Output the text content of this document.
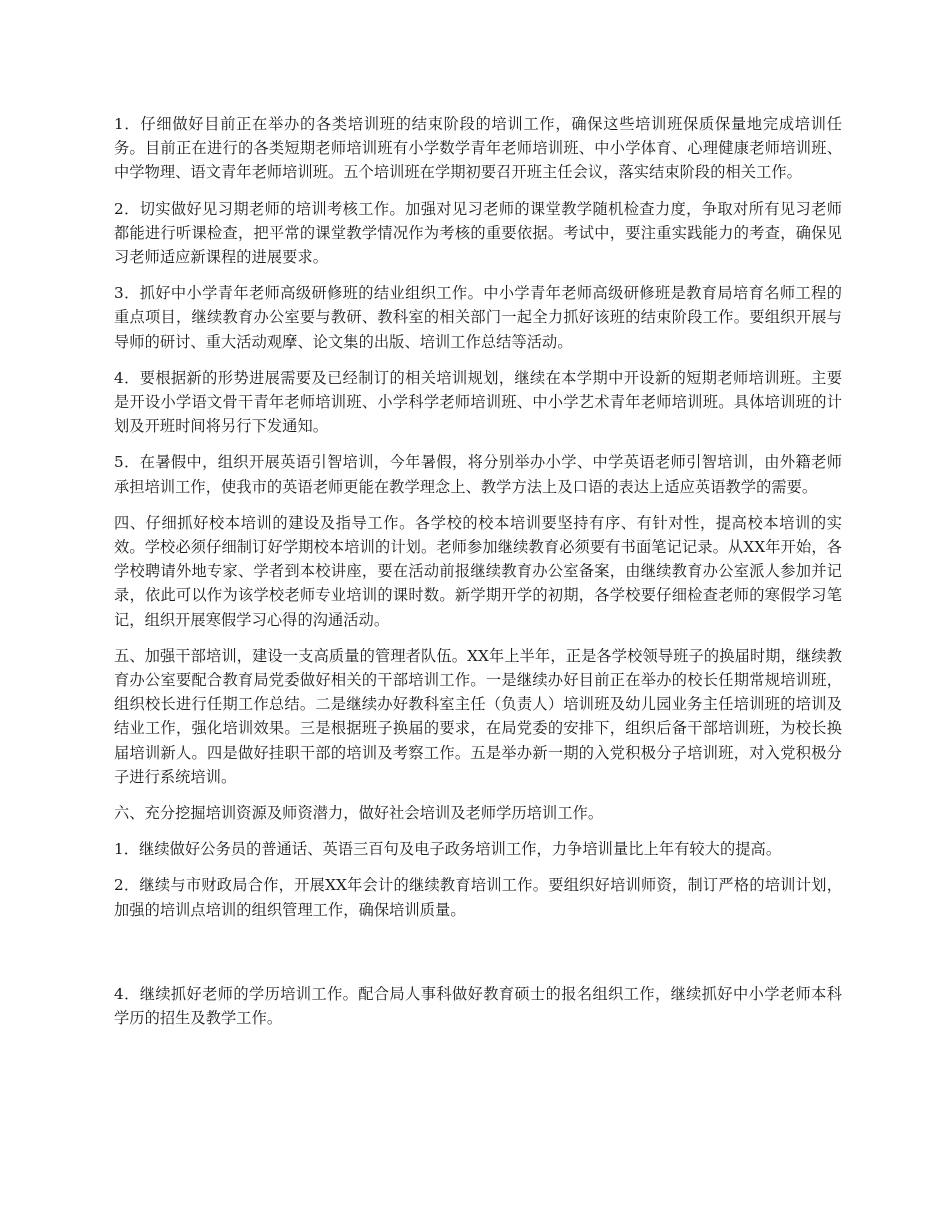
1．仔细做好目前正在举办的各类培训班的结束阶段的培训工作，确保这些培训班保质保量地完成培训任务。目前正在进行的各类短期老师培训班有小学数学青年老师培训班、中小学体育、心理健康老师培训班、中学物理、语文青年老师培训班。五个培训班在学期初要召开班主任会议，落实结束阶段的相关工作。

2．切实做好见习期老师的培训考核工作。加强对见习老师的课堂教学随机检查力度，争取对所有见习老师都能进行听课检查，把平常的课堂教学情况作为考核的重要依据。考试中，要注重实践能力的考查，确保见习老师适应新课程的进展要求。

3．抓好中小学青年老师高级研修班的结业组织工作。中小学青年老师高级研修班是教育局培育名师工程的重点项目，继续教育办公室要与教研、教科室的相关部门一起全力抓好该班的结束阶段工作。要组织开展与导师的研讨、重大活动观摩、论文集的出版、培训工作总结等活动。

4．要根据新的形势进展需要及已经制订的相关培训规划，继续在本学期中开设新的短期老师培训班。主要是开设小学语文骨干青年老师培训班、小学科学老师培训班、中小学艺术青年老师培训班。具体培训班的计划及开班时间将另行下发通知。

5．在暑假中，组织开展英语引智培训，今年暑假，将分别举办小学、中学英语老师引智培训，由外籍老师承担培训工作，使我市的英语老师更能在教学理念上、教学方法上及口语的表达上适应英语教学的需要。

四、仔细抓好校本培训的建设及指导工作。各学校的校本培训要坚持有序、有针对性，提高校本培训的实效。学校必须仔细制订好学期校本培训的计划。老师参加继续教育必须要有书面笔记记录。从XX年开始，各学校聘请外地专家、学者到本校讲座，要在活动前报继续教育办公室备案，由继续教育办公室派人参加并记录，依此可以作为该学校老师专业培训的课时数。新学期开学的初期，各学校要仔细检查老师的寒假学习笔记，组织开展寒假学习心得的沟通活动。

五、加强干部培训，建设一支高质量的管理者队伍。XX年上半年，正是各学校领导班子的换届时期，继续教育办公室要配合教育局党委做好相关的干部培训工作。一是继续办好目前正在举办的校长任期常规培训班，组织校长进行任期工作总结。二是继续办好教科室主任（负责人）培训班及幼儿园业务主任培训班的培训及结业工作，强化培训效果。三是根据班子换届的要求，在局党委的安排下，组织后备干部培训班，为校长换届培训新人。四是做好挂职干部的培训及考察工作。五是举办新一期的入党积极分子培训班，对入党积极分子进行系统培训。

六、充分挖掘培训资源及师资潜力，做好社会培训及老师学历培训工作。

1．继续做好公务员的普通话、英语三百句及电子政务培训工作，力争培训量比上年有较大的提高。

2．继续与市财政局合作，开展XX年会计的继续教育培训工作。要组织好培训师资，制订严格的培训计划，加强的培训点培训的组织管理工作，确保培训质量。

4．继续抓好老师的学历培训工作。配合局人事科做好教育硕士的报名组织工作，继续抓好中小学老师本科学历的招生及教学工作。
